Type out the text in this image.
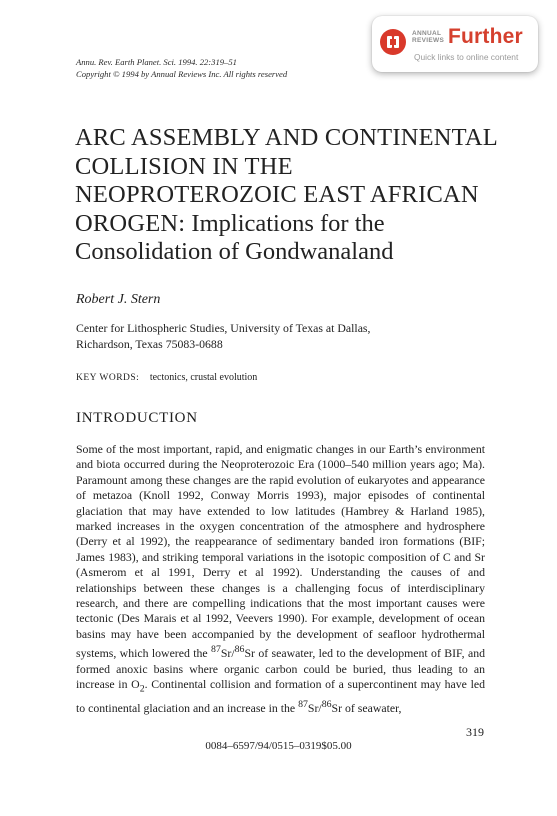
Annu. Rev. Earth Planet. Sci. 1994. 22:319–51
Copyright © 1994 by Annual Reviews Inc. All rights reserved
ANNUAL REVIEWS Further
Quick links to online content
ARC ASSEMBLY AND CONTINENTAL COLLISION IN THE NEOPROTEROZOIC EAST AFRICAN OROGEN: Implications for the Consolidation of Gondwanaland
Robert J. Stern
Center for Lithospheric Studies, University of Texas at Dallas,
Richardson, Texas 75083-0688
KEY WORDS: tectonics, crustal evolution
INTRODUCTION

Some of the most important, rapid, and enigmatic changes in our Earth’s environment and biota occurred during the Neoproterozoic Era (1000–540 million years ago; Ma). Paramount among these changes are the rapid evolution of eukaryotes and appearance of metazoa (Knoll 1992, Conway Morris 1993), major episodes of continental glaciation that may have extended to low latitudes (Hambrey & Harland 1985), marked increases in the oxygen concentration of the atmosphere and hydrosphere (Derry et al 1992), the reappearance of sedimentary banded iron formations (BIF; James 1983), and striking temporal variations in the isotopic composition of C and Sr (Asmerom et al 1991, Derry et al 1992). Understanding the causes of and relationships between these changes is a challenging focus of interdisciplinary research, and there are compelling indications that the most important causes were tectonic (Des Marais et al 1992, Veevers 1990). For example, development of ocean basins may have been accompanied by the development of seafloor hydrothermal systems, which lowered the $^{87}$Sr/$^{86}$Sr of seawater, led to the development of BIF, and formed anoxic basins where organic carbon could be buried, thus leading to an increase in $O_2$. Continental collision and formation of a supercontinent may have led to continental glaciation and an increase in the $^{87}$Sr/$^{86}$Sr of seawater,

319
0084–6597/94/0515–0319$05.00
